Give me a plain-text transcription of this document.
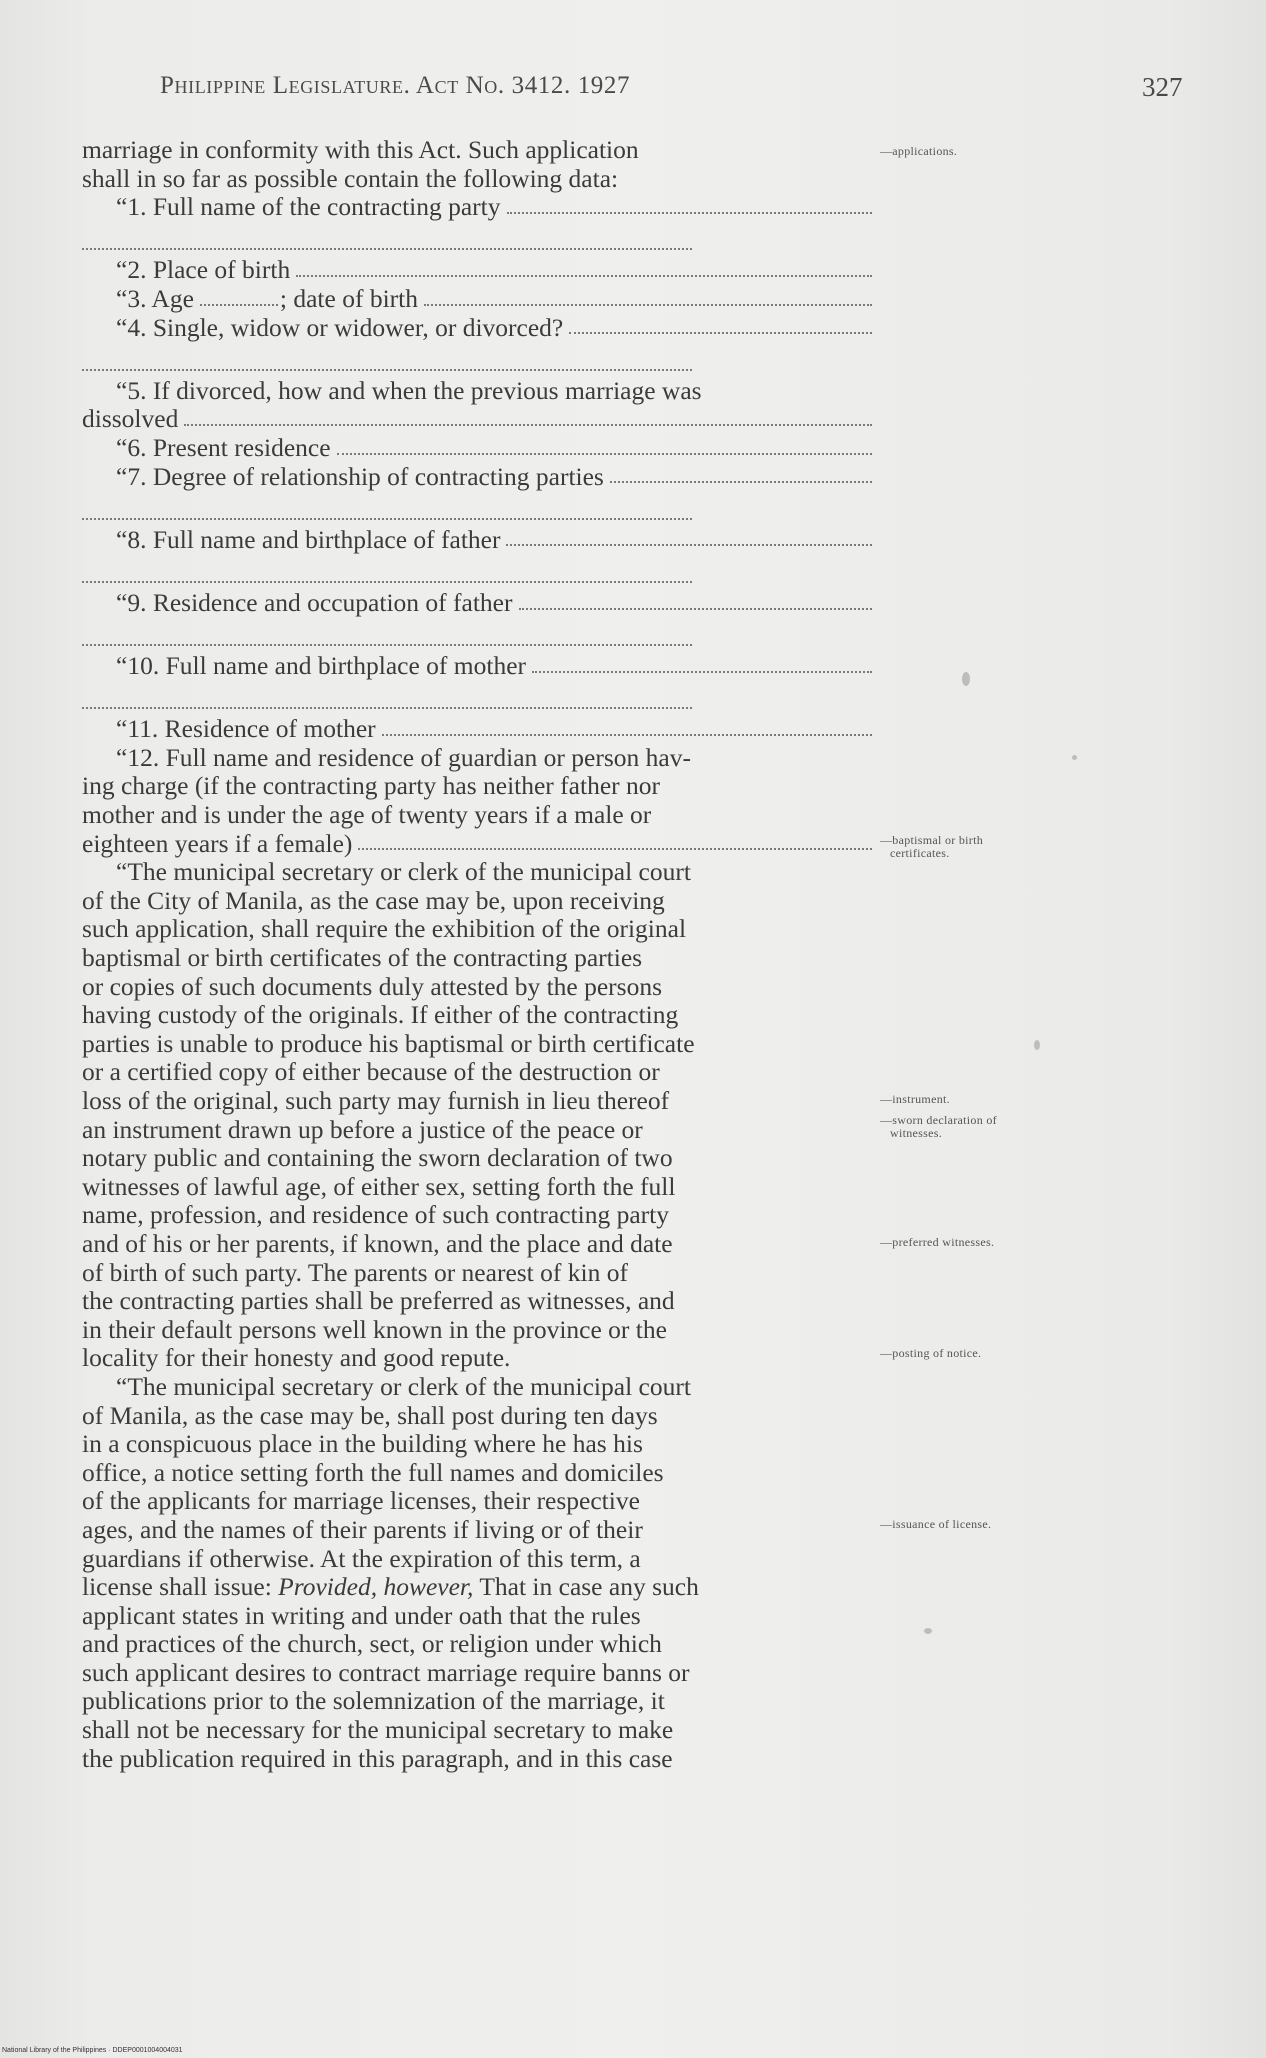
Philippine Legislature. Act No. 3412. 1927	327
marriage in conformity with this Act. Such application
shall in so far as possible contain the following data:
“1. Full name of the contracting party
“2. Place of birth
“3. Age	; date of birth
“4. Single, widow or widower, or divorced?
“5. If divorced, how and when the previous marriage was
dissolved
“6. Present residence
“7. Degree of relationship of contracting parties
“8. Full name and birthplace of father
“9. Residence and occupation of father
“10. Full name and birthplace of mother
“11. Residence of mother
“12. Full name and residence of guardian or person hav-
ing charge (if the contracting party has neither father nor
mother and is under the age of twenty years if a male or
eighteen years if a female)
“The municipal secretary or clerk of the municipal court
of the City of Manila, as the case may be, upon receiving
such application, shall require the exhibition of the original
baptismal or birth certificates of the contracting parties
or copies of such documents duly attested by the persons
having custody of the originals. If either of the contracting
parties is unable to produce his baptismal or birth certificate
or a certified copy of either because of the destruction or
loss of the original, such party may furnish in lieu thereof
an instrument drawn up before a justice of the peace or
notary public and containing the sworn declaration of two
witnesses of lawful age, of either sex, setting forth the full
name, profession, and residence of such contracting party
and of his or her parents, if known, and the place and date
of birth of such party. The parents or nearest of kin of
the contracting parties shall be preferred as witnesses, and
in their default persons well known in the province or the
locality for their honesty and good repute.
“The municipal secretary or clerk of the municipal court
of Manila, as the case may be, shall post during ten days
in a conspicuous place in the building where he has his
office, a notice setting forth the full names and domiciles
of the applicants for marriage licenses, their respective
ages, and the names of their parents if living or of their
guardians if otherwise. At the expiration of this term, a
license shall issue: Provided, however, That in case any such
applicant states in writing and under oath that the rules
and practices of the church, sect, or religion under which
such applicant desires to contract marriage require banns or
publications prior to the solemnization of the marriage, it
shall not be necessary for the municipal secretary to make
the publication required in this paragraph, and in this case
—applications.
—baptismal or birth
certificates.
—instrument.
—sworn declaration of
witnesses.
—preferred witnesses.
—posting of notice.
—issuance of license.
National Library of the Philippines · DDEP0001004004031
